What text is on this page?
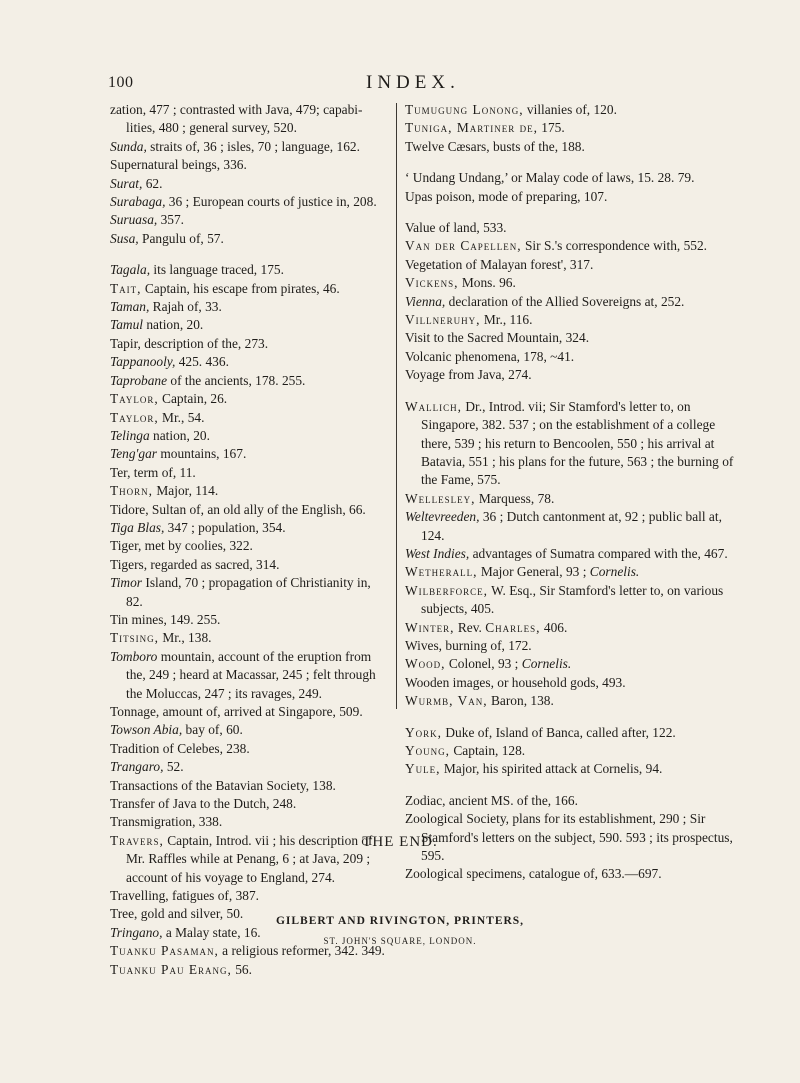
100	INDEX.

zation, 477 ; contrasted with Java, 479; capabi-lities, 480 ; general survey, 520.

Sunda, straits of, 36 ; isles, 70 ; language, 162.

Supernatural beings, 336.

Surat, 62.

Surabaga, 36 ; European courts of justice in, 208.

Suruasa, 357.

Susa, Pangulu of, 57.

Tagala, its language traced, 175.

Tait, Captain, his escape from pirates, 46.

Taman, Rajah of, 33.

Tamul nation, 20.

Tapir, description of the, 273.

Tappanooly, 425. 436.

Taprobane of the ancients, 178. 255.

Taylor, Captain, 26.

Taylor, Mr., 54.

Telinga nation, 20.

Teng'gar mountains, 167.

Ter, term of, 11.

Thorn, Major, 114.

Tidore, Sultan of, an old ally of the English, 66.

Tiga Blas, 347 ; population, 354.

Tiger, met by coolies, 322.

Tigers, regarded as sacred, 314.

Timor Island, 70 ; propagation of Christianity in, 82.

Tin mines, 149. 255.

Titsing, Mr., 138.

Tomboro mountain, account of the eruption from the, 249 ; heard at Macassar, 245 ; felt through the Moluccas, 247 ; its ravages, 249.

Tonnage, amount of, arrived at Singapore, 509.

Towson Abia, bay of, 60.

Tradition of Celebes, 238.

Trangaro, 52.

Transactions of the Batavian Society, 138.

Transfer of Java to the Dutch, 248.

Transmigration, 338.

Travers, Captain, Introd. vii ; his description of Mr. Raffles while at Penang, 6 ; at Java, 209 ; account of his voyage to England, 274.

Travelling, fatigues of, 387.

Tree, gold and silver, 50.

Tringano, a Malay state, 16.

Tuanku Pasaman, a religious reformer, 342. 349.

Tuanku Pau Erang, 56.

Tumugung Lonong, villanies of, 120.

Tuniga, Martiner de, 175.

Twelve Cæsars, busts of the, 188.

‘ Undang Undang,’ or Malay code of laws, 15. 28. 79.

Upas poison, mode of preparing, 107.

Value of land, 533.

Van der Capellen, Sir S.'s correspondence with, 552.

Vegetation of Malayan forest', 317.

Vickens, Mons. 96.

Vienna, declaration of the Allied Sovereigns at, 252.

Villneruhy, Mr., 116.

Visit to the Sacred Mountain, 324.

Volcanic phenomena, 178, ~41.

Voyage from Java, 274.

Wallich, Dr., Introd. vii; Sir Stamford's letter to, on Singapore, 382. 537 ; on the establishment of a college there, 539 ; his return to Bencoolen, 550 ; his arrival at Batavia, 551 ; his plans for the future, 563 ; the burning of the Fame, 575.

Wellesley, Marquess, 78.

Weltevreeden, 36 ; Dutch cantonment at, 92 ; public ball at, 124.

West Indies, advantages of Sumatra compared with the, 467.

Wetherall, Major General, 93 ; Cornelis.

Wilberforce, W. Esq., Sir Stamford's letter to, on various subjects, 405.

Winter, Rev. Charles, 406.

Wives, burning of, 172.

Wood, Colonel, 93 ; Cornelis.

Wooden images, or household gods, 493.

Wurmb, Van, Baron, 138.

York, Duke of, Island of Banca, called after, 122.

Young, Captain, 128.

Yule, Major, his spirited attack at Cornelis, 94.

Zodiac, ancient MS. of the, 166.

Zoological Society, plans for its establishment, 290 ; Sir Stamford's letters on the subject, 590. 593 ; its prospectus, 595.

Zoological specimens, catalogue of, 633.—697.

THE END.
GILBERT AND RIVINGTON, PRINTERS,
ST. JOHN'S SQUARE, LONDON.
